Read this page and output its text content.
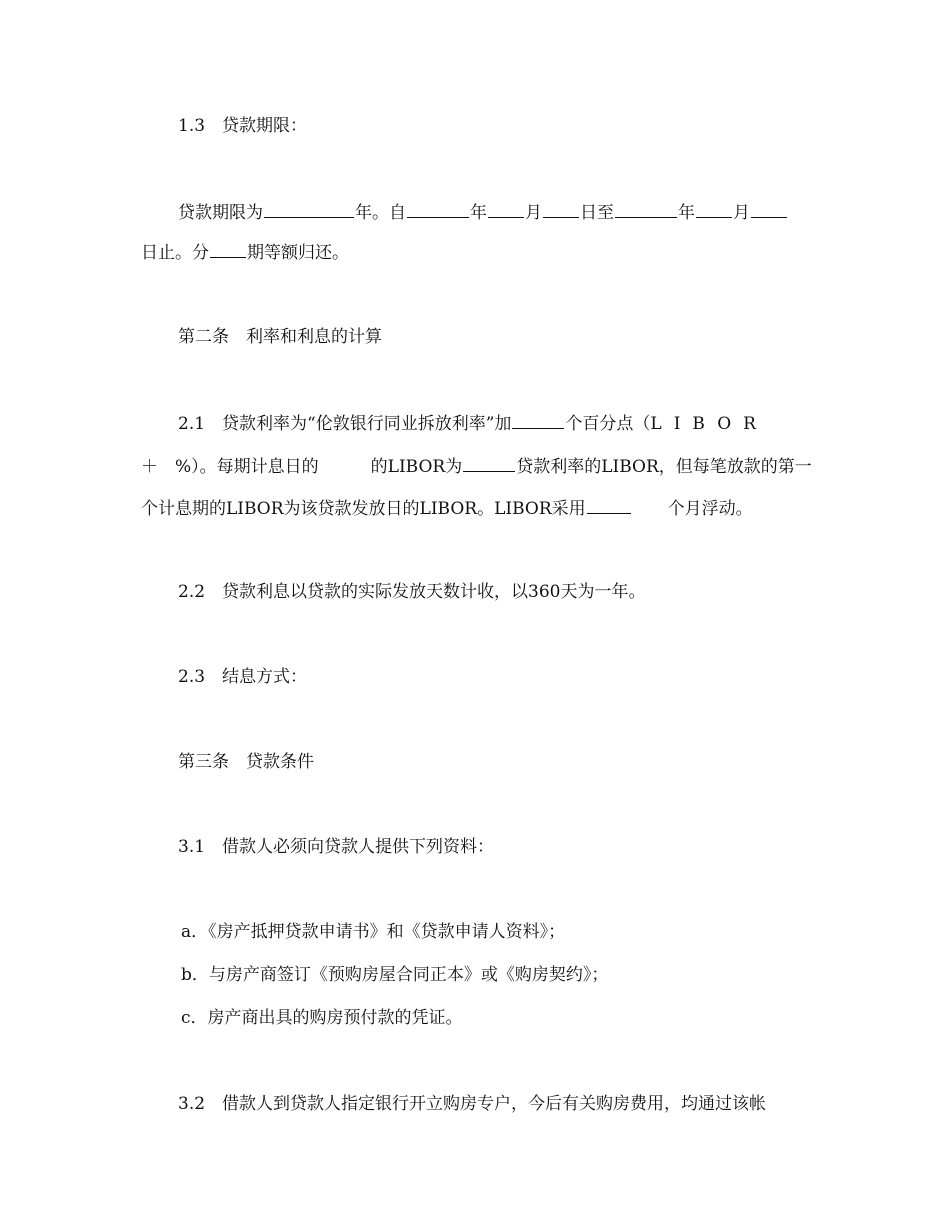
1.3　贷款期限：
贷款期限为	年。自	年 月 日至	年 月
日止。分 期等额归还。
第二条　利率和利息的计算
2.1　贷款利率为“伦敦银行同业拆放利率”加	个百分点（LIBOR
＋　%）。每期计息日的	的LIBOR为	贷款利率的LIBOR，但每笔放款的第一
个计息期的LIBOR为该贷款发放日的LIBOR。LIBOR采用	个月浮动。
2.2　贷款利息以贷款的实际发放天数计收，以360天为一年。
2.3　结息方式：
第三条　贷款条件
3.1　借款人必须向贷款人提供下列资料：
a．《房产抵押贷款申请书》和《贷款申请人资料》；
b．与房产商签订《预购房屋合同正本》或《购房契约》；
c．房产商出具的购房预付款的凭证。
3.2　借款人到贷款人指定银行开立购房专户，今后有关购房费用，均通过该帐
